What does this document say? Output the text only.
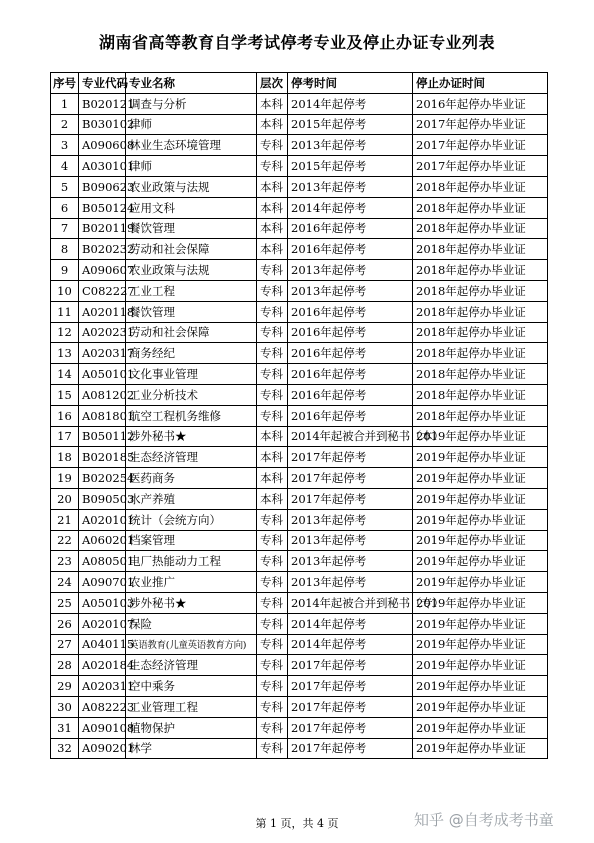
湖南省高等教育自学考试停考专业及停止办证专业列表
序号	专业代码	专业名称	层次	停考时间	停止办证时间
1	B020121	调查与分析	本科	2014年起停考	2016年起停办毕业证
2	B030102	律师	本科	2015年起停考	2017年起停办毕业证
3	A090608	林业生态环境管理	专科	2013年起停考	2017年起停办毕业证
4	A030101	律师	专科	2015年起停考	2017年起停办毕业证
5	B090623	农业政策与法规	本科	2013年起停考	2018年起停办毕业证
6	B050124	应用文科	本科	2014年起停考	2018年起停办毕业证
7	B020119	餐饮管理	本科	2016年起停考	2018年起停办毕业证
8	B020232	劳动和社会保障	本科	2016年起停考	2018年起停办毕业证
9	A090607	农业政策与法规	专科	2013年起停考	2018年起停办毕业证
10	C082227	工业工程	专科	2013年起停考	2018年起停办毕业证
11	A020118	餐饮管理	专科	2016年起停考	2018年起停办毕业证
12	A020231	劳动和社会保障	专科	2016年起停考	2018年起停办毕业证
13	A020317	商务经纪	专科	2016年起停考	2018年起停办毕业证
14	A050101	文化事业管理	专科	2016年起停考	2018年起停办毕业证
15	A081202	工业分析技术	专科	2016年起停考	2018年起停办毕业证
16	A081801	航空工程机务维修	专科	2016年起停考	2018年起停办毕业证
17	B050112	涉外秘书★	本科	2014年起被合并到秘书（本）	2019年起停办毕业证
18	B020185	生态经济管理	本科	2017年起停考	2019年起停办毕业证
19	B020254	医药商务	本科	2017年起停考	2019年起停办毕业证
20	B090503	水产养殖	本科	2017年起停考	2019年起停办毕业证
21	A020101	统计（会统方向）	专科	2013年起停考	2019年起停办毕业证
22	A060201	档案管理	专科	2013年起停考	2019年起停办毕业证
23	A080501	电厂热能动力工程	专科	2013年起停考	2019年起停办毕业证
24	A090701	农业推广	专科	2013年起停考	2019年起停办毕业证
25	A050103	涉外秘书★	专科	2014年起被合并到秘书（专）	2019年起停办毕业证
26	A020107	保险	专科	2014年起停考	2019年起停办毕业证
27	A040115	英语教育(儿童英语教育方向)	专科	2014年起停考	2019年起停办毕业证
28	A020184	生态经济管理	专科	2017年起停考	2019年起停办毕业证
29	A020311	空中乘务	专科	2017年起停考	2019年起停办毕业证
30	A082223	工业管理工程	专科	2017年起停考	2019年起停办毕业证
31	A090108	植物保护	专科	2017年起停考	2019年起停办毕业证
32	A090201	林学	专科	2017年起停考	2019年起停办毕业证
第 1 页，共 4 页	知乎 @自考成考书童
